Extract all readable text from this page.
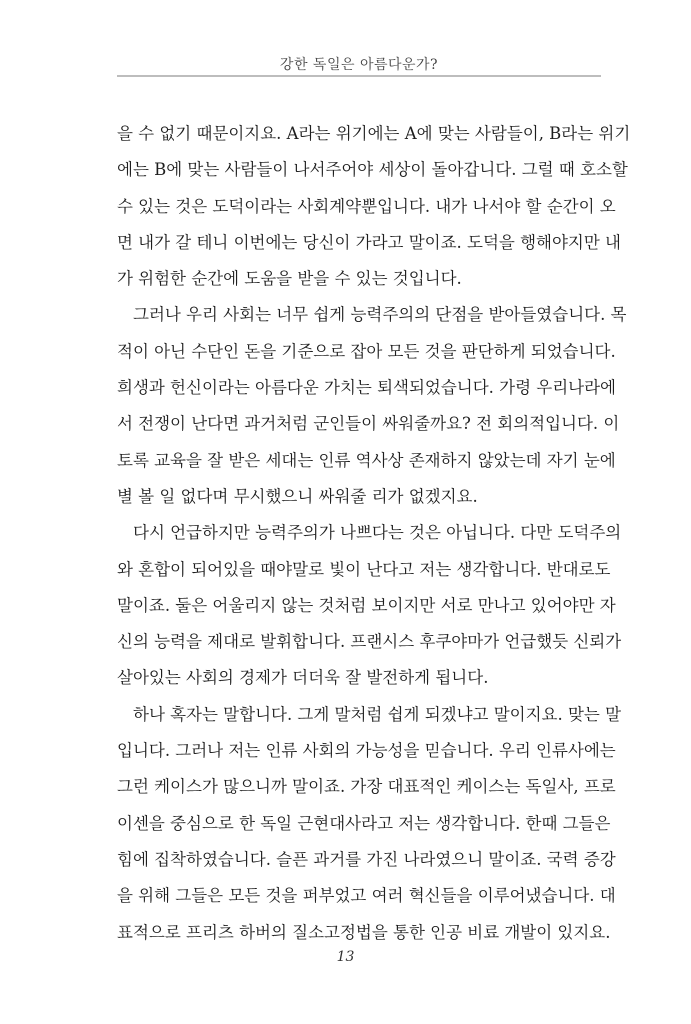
강한 독일은 아름다운가?
을 수 없기 때문이지요. A라는 위기에는 A에 맞는 사람들이, B라는 위기
에는 B에 맞는 사람들이 나서주어야 세상이 돌아갑니다. 그럴 때 호소할
수 있는 것은 도덕이라는 사회계약뿐입니다. 내가 나서야 할 순간이 오
면 내가 갈 테니 이번에는 당신이 가라고 말이죠. 도덕을 행해야지만 내
가 위험한 순간에 도움을 받을 수 있는 것입니다.
그러나 우리 사회는 너무 쉽게 능력주의의 단점을 받아들였습니다. 목
적이 아닌 수단인 돈을 기준으로 잡아 모든 것을 판단하게 되었습니다.
희생과 헌신이라는 아름다운 가치는 퇴색되었습니다. 가령 우리나라에
서 전쟁이 난다면 과거처럼 군인들이 싸워줄까요? 전 회의적입니다. 이
토록 교육을 잘 받은 세대는 인류 역사상 존재하지 않았는데 자기 눈에
별 볼 일 없다며 무시했으니 싸워줄 리가 없겠지요.
다시 언급하지만 능력주의가 나쁘다는 것은 아닙니다. 다만 도덕주의
와 혼합이 되어있을 때야말로 빛이 난다고 저는 생각합니다. 반대로도
말이죠. 둘은 어울리지 않는 것처럼 보이지만 서로 만나고 있어야만 자
신의 능력을 제대로 발휘합니다. 프랜시스 후쿠야마가 언급했듯 신뢰가
살아있는 사회의 경제가 더더욱 잘 발전하게 됩니다.
하나 혹자는 말합니다. 그게 말처럼 쉽게 되겠냐고 말이지요. 맞는 말
입니다. 그러나 저는 인류 사회의 가능성을 믿습니다. 우리 인류사에는
그런 케이스가 많으니까 말이죠. 가장 대표적인 케이스는 독일사, 프로
이센을 중심으로 한 독일 근현대사라고 저는 생각합니다. 한때 그들은
힘에 집착하였습니다. 슬픈 과거를 가진 나라였으니 말이죠. 국력 증강
을 위해 그들은 모든 것을 퍼부었고 여러 혁신들을 이루어냈습니다. 대
표적으로 프리츠 하버의 질소고정법을 통한 인공 비료 개발이 있지요.
13
